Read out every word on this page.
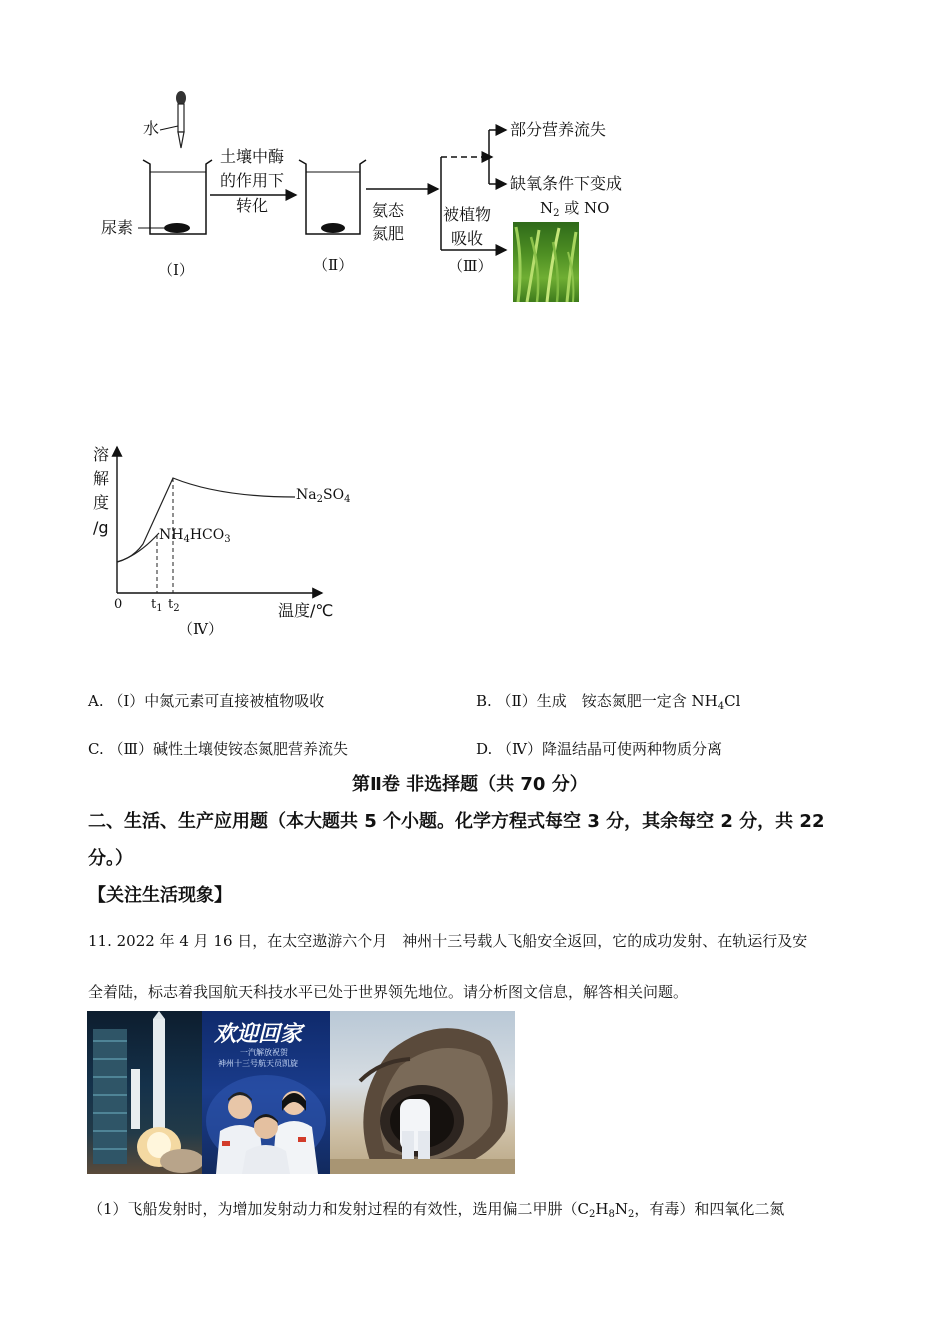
水
尿素
土壤中酶
的作用下
转化	氨态
氮肥
被植物
吸收
部分营养流失
缺氧条件下变成
$N_2$ 或 NO
（Ⅰ）	（Ⅱ）	（Ⅲ）
溶
解
度
/g
0 $t_1$ $t_2$	温度/℃
（Ⅳ）
$Na_2SO_4$
$NH_4HCO_3$
A. （Ⅰ）中氮元素可直接被植物吸收	B. （Ⅱ）生成　铵态氮肥一定含 $NH_4Cl$
C. （Ⅲ）碱性土壤使铵态氮肥营养流失	D. （Ⅳ）降温结晶可使两种物质分离
第Ⅱ卷 非选择题（共 70 分）
二、生活、生产应用题（本大题共 5 个小题。化学方程式每空 3 分，其余每空 2 分，共 22
分。）
【关注生活现象】
11. 2022 年 4 月 16 日，在太空遨游六个月　神州十三号载人飞船安全返回，它的成功发射、在轨运行及安
全着陆，标志着我国航天科技水平已处于世界领先地位。请分析图文信息，解答相关问题。
欢迎回家
一汽解放祝贺
神州十三号航天员凯旋
（1）飞船发射时，为增加发射动力和发射过程的有效性，选用偏二甲肼（$C_2H_8N_2$，有毒）和四氧化二氮
